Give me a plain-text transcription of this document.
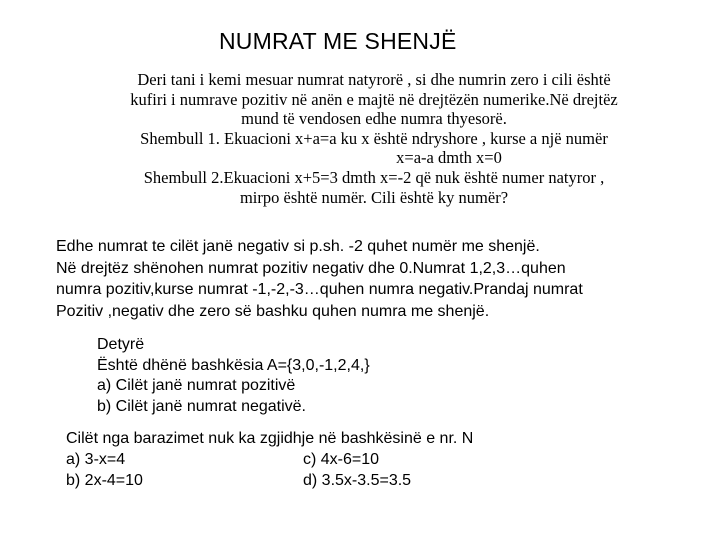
NUMRAT ME SHENJË
Deri tani i kemi mesuar numrat natyrorë , si dhe numrin zero i cili është
kufiri i numrave pozitiv në anën e majtë në drejtëzën numerike.Në drejtëz
mund të vendosen edhe numra thyesorë.
Shembull 1. Ekuacioni x+a=a ku x është ndryshore , kurse a një numër
x=a-a dmth x=0
Shembull 2.Ekuacioni x+5=3 dmth x=-2 që nuk është numer natyror ,
mirpo është numër. Cili është ky numër?
Edhe numrat te cilët janë negativ si p.sh. -2 quhet numër me shenjë.
Në drejtëz shënohen numrat pozitiv negativ dhe 0.Numrat 1,2,3…quhen
numra pozitiv,kurse numrat -1,-2,-3…quhen numra negativ.Prandaj numrat
Pozitiv ,negativ dhe zero së bashku quhen numra me shenjë.
Detyrë
Është dhënë bashkësia A={3,0,-1,2,4,}
a) Cilët janë numrat pozitivë
b) Cilët janë numrat negativë.
Cilët nga barazimet nuk ka zgjidhje në bashkësinë e nr. N
a) 3-x=4	c) 4x-6=10
b) 2x-4=10	d) 3.5x-3.5=3.5
